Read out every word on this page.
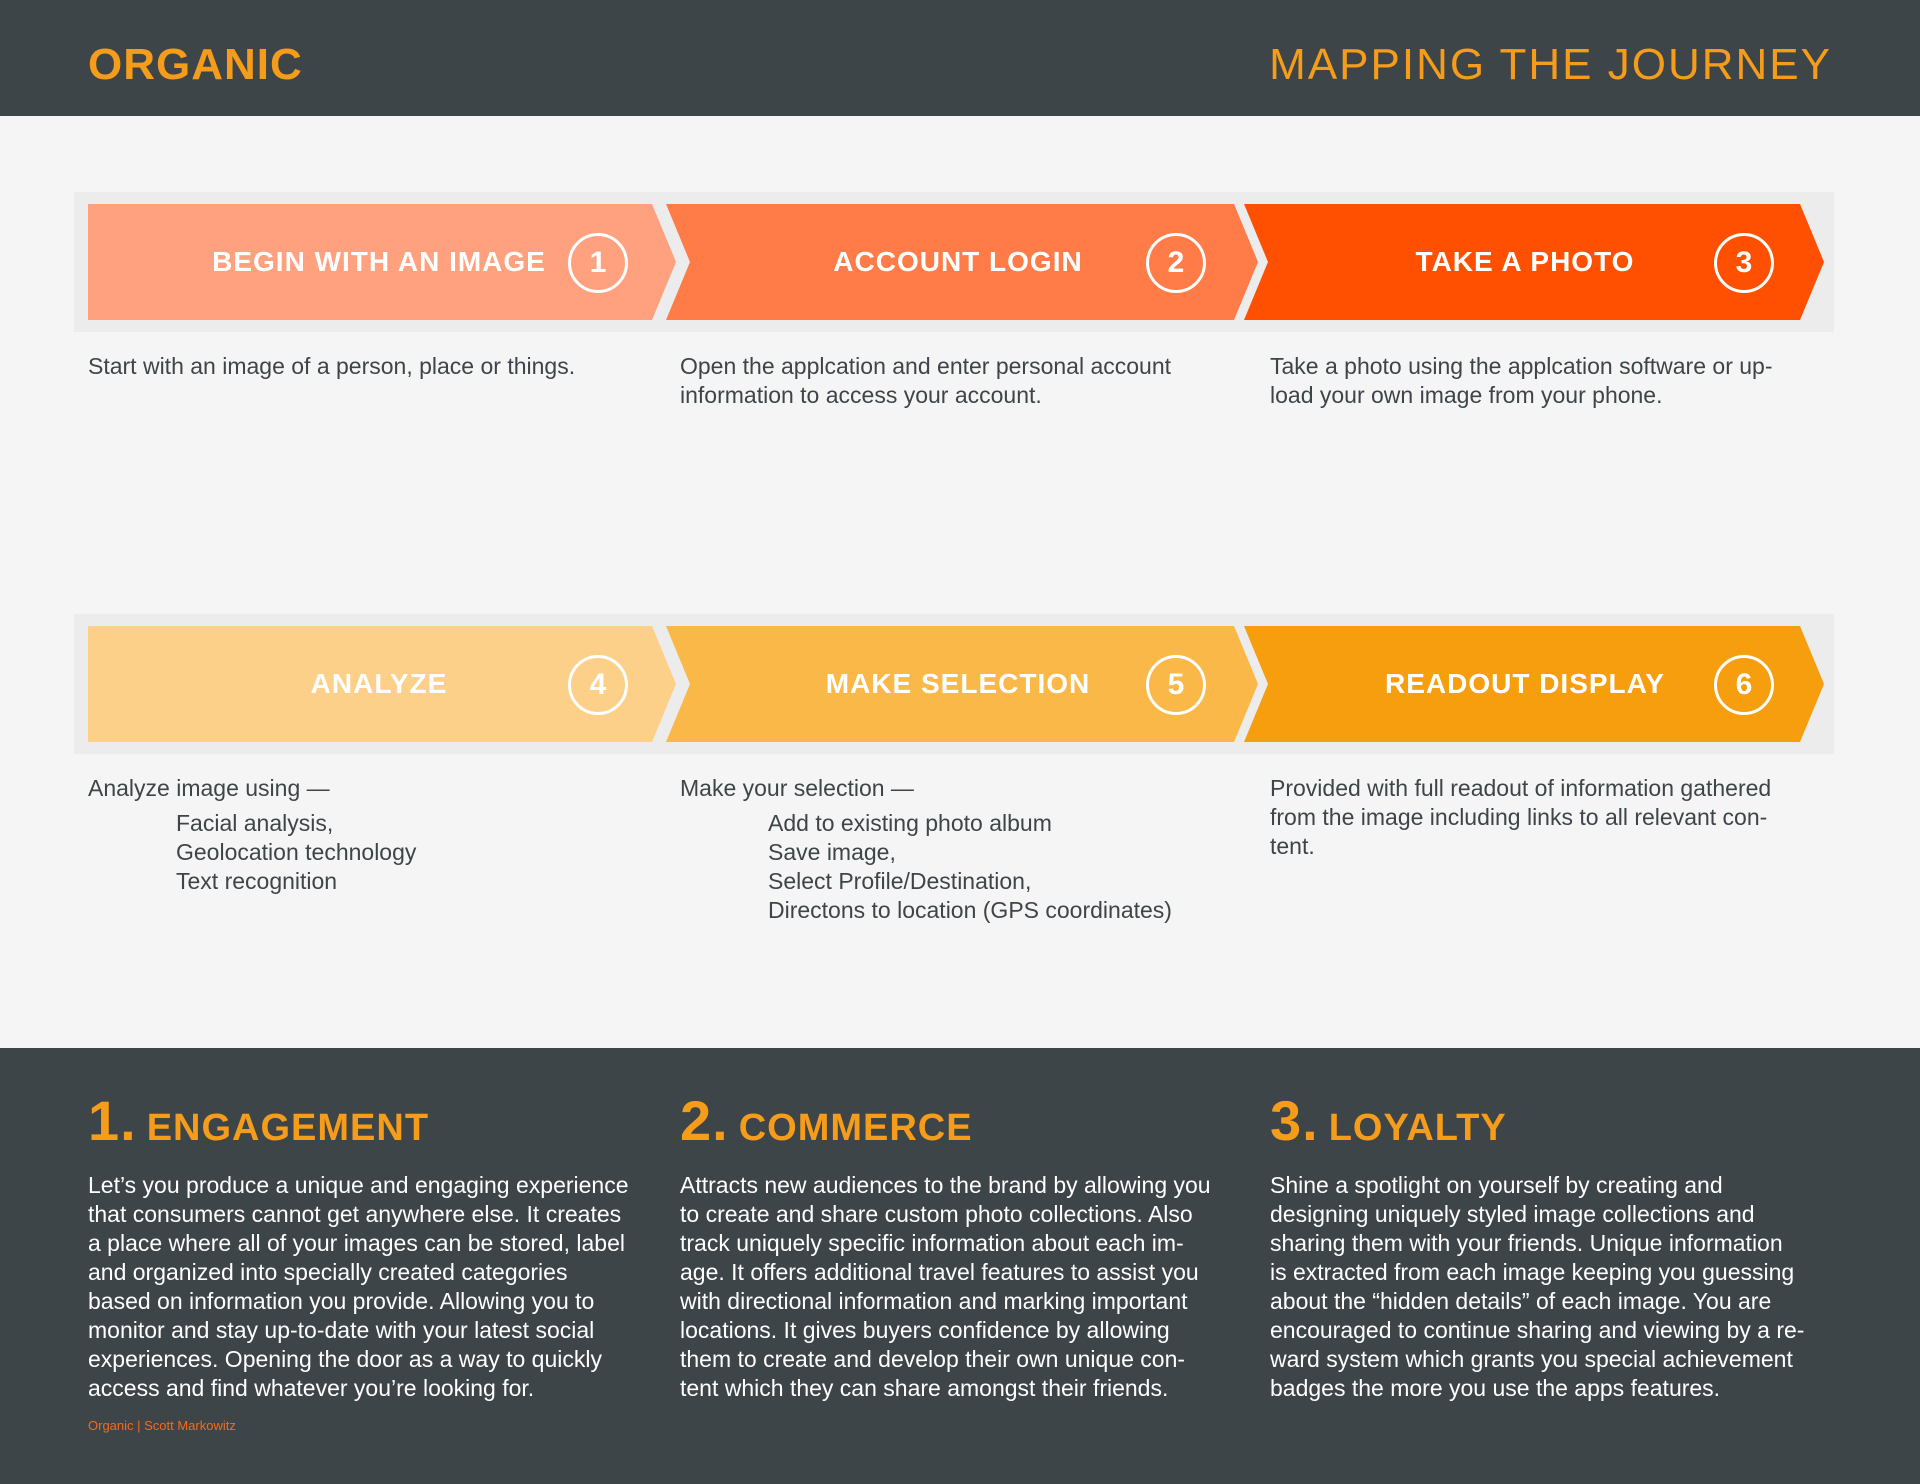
ORGANIC	MAPPING THE JOURNEY
BEGIN WITH AN IMAGE	1	ACCOUNT LOGIN	2	TAKE A PHOTO	3
Start with an image of a person, place or things.	Open the applcation and enter personal account
information to access your account.
Take a photo using the applcation software or up-
load your own image from your phone.
ANALYZE	4	MAKE SELECTION	5	READOUT DISPLAY	6
Analyze image using —
Facial analysis,
Geolocation technology
Text recognition
Make your selection —
Add to existing photo album
Save image,
Select Profile/Destination,
Directons to location (GPS coordinates)
Provided with full readout of information gathered
from the image including links to all relevant con-
tent.
1. ENGAGEMENT
Let’s you produce a unique and engaging experience
that consumers cannot get anywhere else. It creates
a place where all of your images can be stored, label
and organized into specially created categories
based on information you provide. Allowing you to
monitor and stay up-to-date with your latest social
experiences. Opening the door as a way to quickly
access and find whatever you’re looking for.
2. COMMERCE
Attracts new audiences to the brand by allowing you
to create and share custom photo collections. Also
track uniquely specific information about each im-
age. It offers additional travel features to assist you
with directional information and marking important
locations. It gives buyers confidence by allowing
them to create and develop their own unique con-
tent which they can share amongst their friends.
3. LOYALTY
Shine a spotlight on yourself by creating and
designing uniquely styled image collections and
sharing them with your friends. Unique information
is extracted from each image keeping you guessing
about the “hidden details” of each image. You are
encouraged to continue sharing and viewing by a re-
ward system which grants you special achievement
badges the more you use the apps features.
Organic | Scott Markowitz
